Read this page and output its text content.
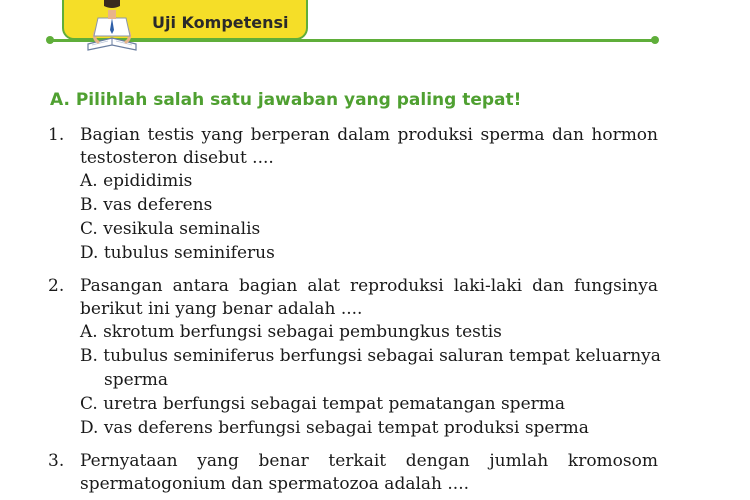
Uji Kompetensi
A. Pilihlah salah satu jawaban yang paling tepat!
1. Bagian testis yang berperan dalam produksi sperma dan hormon
testosteron disebut ....
A. epididimis
B. vas deferens
C. vesikula seminalis
D. tubulus seminiferus
2. Pasangan antara bagian alat reproduksi laki-laki dan fungsinya
berikut ini yang benar adalah ....
A. skrotum berfungsi sebagai pembungkus testis
B. tubulus seminiferus berfungsi sebagai saluran tempat keluarnya
sperma
C. uretra berfungsi sebagai tempat pematangan sperma
D. vas deferens berfungsi sebagai tempat produksi sperma
3. Pernyataan yang benar terkait dengan jumlah kromosom
spermatogonium dan spermatozoa adalah ....
